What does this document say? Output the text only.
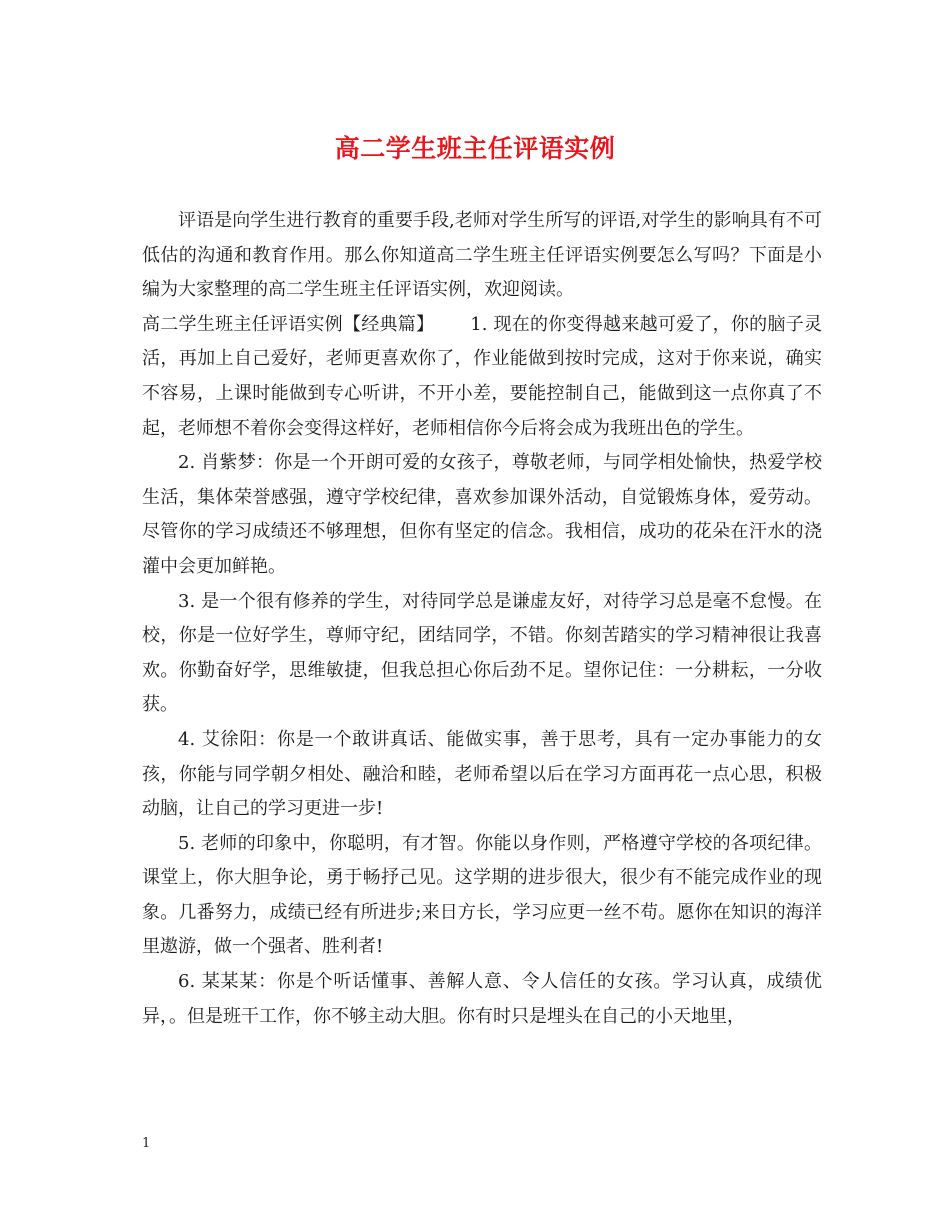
高二学生班主任评语实例

评语是向学生进行教育的重要手段,老师对学生所写的评语,对学生的影响具有不可低估的沟通和教育作用。那么你知道高二学生班主任评语实例要怎么写吗？下面是小编为大家整理的高二学生班主任评语实例，欢迎阅读。

高二学生班主任评语实例【经典篇】 1. 现在的你变得越来越可爱了，你的脑子灵活，再加上自己爱好，老师更喜欢你了，作业能做到按时完成，这对于你来说，确实不容易，上课时能做到专心听讲，不开小差，要能控制自己，能做到这一点你真了不起，老师想不着你会变得这样好，老师相信你今后将会成为我班出色的学生。

2. 肖紫梦：你是一个开朗可爱的女孩子，尊敬老师，与同学相处愉快，热爱学校生活，集体荣誉感强，遵守学校纪律，喜欢参加课外活动，自觉锻炼身体，爱劳动。尽管你的学习成绩还不够理想，但你有坚定的信念。我相信，成功的花朵在汗水的浇灌中会更加鲜艳。

3. 是一个很有修养的学生，对待同学总是谦虚友好，对待学习总是毫不怠慢。在校，你是一位好学生，尊师守纪，团结同学，不错。你刻苦踏实的学习精神很让我喜欢。你勤奋好学，思维敏捷，但我总担心你后劲不足。望你记住：一分耕耘，一分收获。

4. 艾徐阳：你是一个敢讲真话、能做实事，善于思考，具有一定办事能力的女孩，你能与同学朝夕相处、融洽和睦，老师希望以后在学习方面再花一点心思，积极动脑，让自己的学习更进一步!

5. 老师的印象中，你聪明，有才智。你能以身作则，严格遵守学校的各项纪律。课堂上，你大胆争论，勇于畅抒己见。这学期的进步很大，很少有不能完成作业的现象。几番努力，成绩已经有所进步;来日方长，学习应更一丝不苟。愿你在知识的海洋里遨游，做一个强者、胜利者!

6. 某某某：你是个听话懂事、善解人意、令人信任的女孩。学习认真，成绩优异，。但是班干工作，你不够主动大胆。你有时只是埋头在自己的小天地里，

1
